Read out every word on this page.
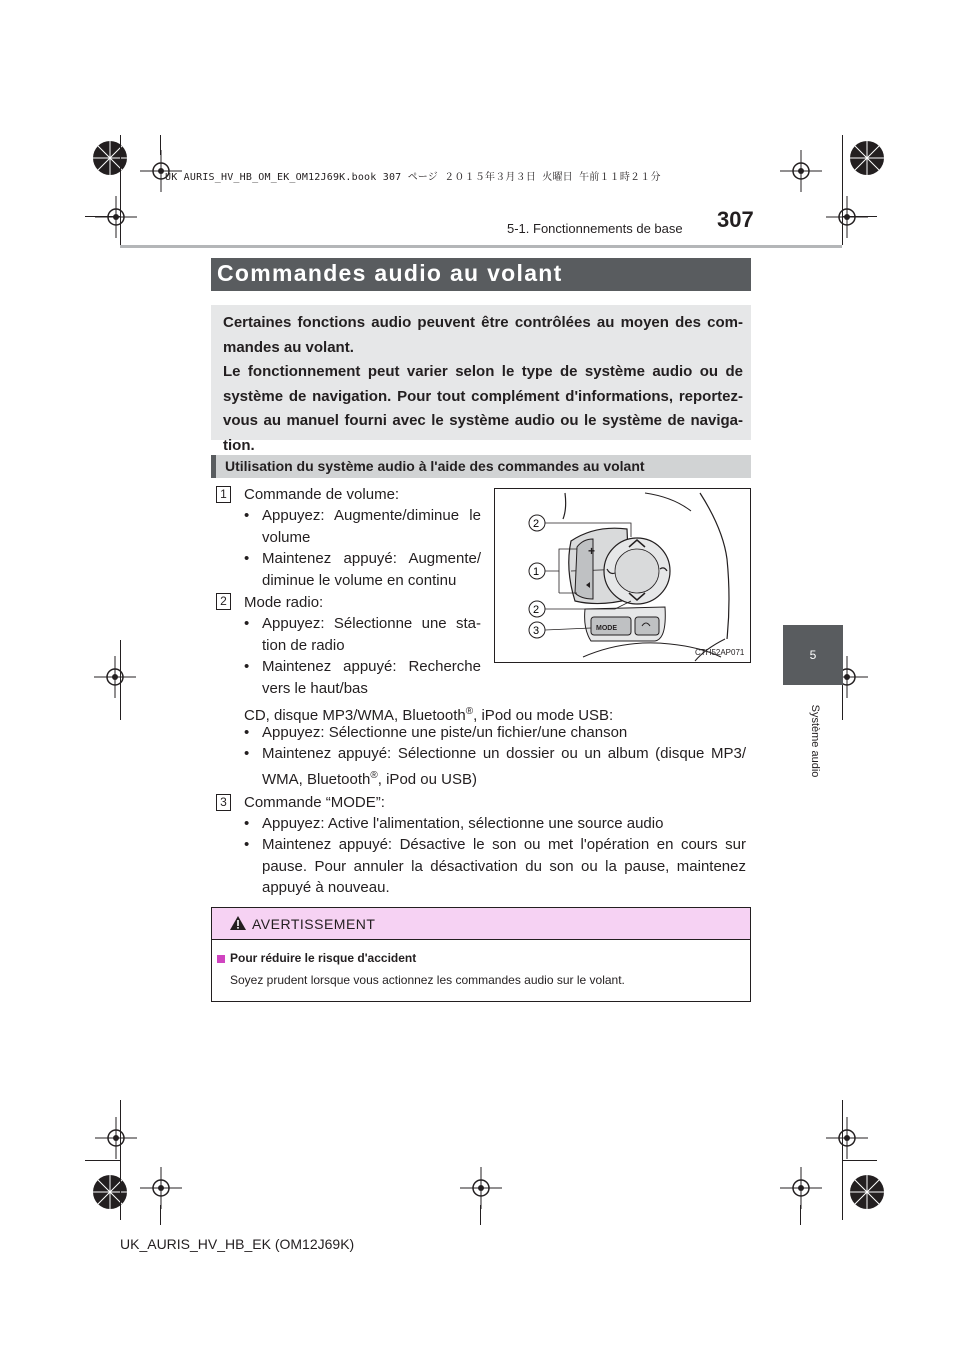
UK AURIS_HV_HB_OM_EK_OM12J69K.book 307 ページ ２０１５年３月３日 火曜日 午前１１時２１分
307
5-1. Fonctionnements de base
5
Système audio
Commandes audio au volant
Certaines fonctions audio peuvent être contrôlées au moyen des com-
mandes au volant.
Le fonctionnement peut varier selon le type de système audio ou de
système de navigation. Pour tout complément d'informations, reportez-
vous au manuel fourni avec le système audio ou le système de naviga-
tion.
Utilisation du système audio à l'aide des commandes au volant
1 Commande de volume:
• Appuyez: Augmente/diminue le
volume
• Maintenez appuyé: Augmente/
diminue le volume en continu
2 Mode radio:
• Appuyez: Sélectionne une sta-
tion de radio
• Maintenez appuyé: Recherche
vers le haut/bas
CD, disque MP3/WMA, Bluetooth®, iPod ou mode USB:
• Appuyez: Sélectionne une piste/un fichier/une chanson
• Maintenez appuyé: Sélectionne un dossier ou un album (disque MP3/
WMA, Bluetooth®, iPod ou USB)
3 Commande “MODE”:
• Appuyez: Active l'alimentation, sélectionne une source audio
• Maintenez appuyé: Désactive le son ou met l'opération en cours sur
pause. Pour annuler la désactivation du son ou la pause, maintenez
appuyé à nouveau.
+
MODE
2
1
2
3
CTH52AP071
AVERTISSEMENT
Pour réduire le risque d'accident
Soyez prudent lorsque vous actionnez les commandes audio sur le volant.
UK_AURIS_HV_HB_EK (OM12J69K)
